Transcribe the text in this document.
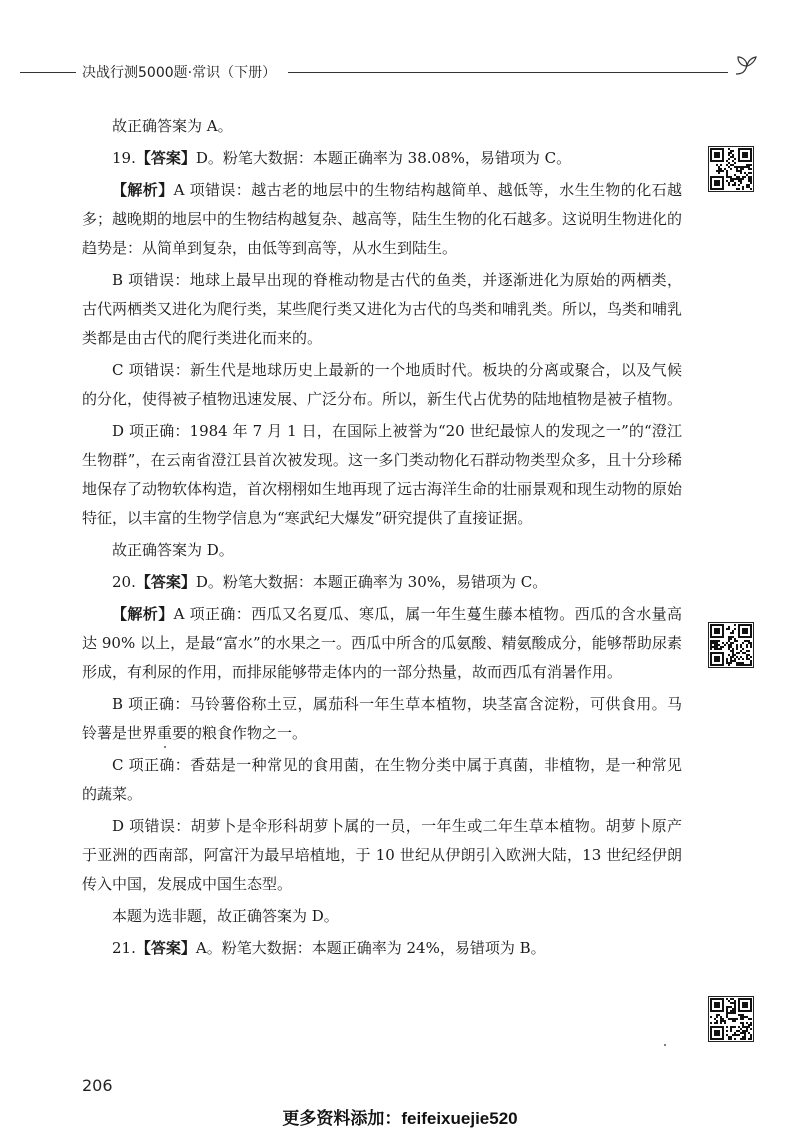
决战行测5000题·常识（下册）

故正确答案为 A。

19.【答案】D。粉笔大数据：本题正确率为 38.08%，易错项为 C。

【解析】A 项错误：越古老的地层中的生物结构越简单、越低等，水生生物的化石越多；越晚期的地层中的生物结构越复杂、越高等，陆生生物的化石越多。这说明生物进化的趋势是：从简单到复杂，由低等到高等，从水生到陆生。

B 项错误：地球上最早出现的脊椎动物是古代的鱼类，并逐渐进化为原始的两栖类，古代两栖类又进化为爬行类，某些爬行类又进化为古代的鸟类和哺乳类。所以，鸟类和哺乳类都是由古代的爬行类进化而来的。

C 项错误：新生代是地球历史上最新的一个地质时代。板块的分离或聚合，以及气候的分化，使得被子植物迅速发展、广泛分布。所以，新生代占优势的陆地植物是被子植物。

D 项正确：1984 年 7 月 1 日，在国际上被誉为“20 世纪最惊人的发现之一”的“澄江生物群”，在云南省澄江县首次被发现。这一多门类动物化石群动物类型众多，且十分珍稀地保存了动物软体构造，首次栩栩如生地再现了远古海洋生命的壮丽景观和现生动物的原始特征，以丰富的生物学信息为“寒武纪大爆发”研究提供了直接证据。

故正确答案为 D。

20.【答案】D。粉笔大数据：本题正确率为 30%，易错项为 C。

【解析】A 项正确：西瓜又名夏瓜、寒瓜，属一年生蔓生藤本植物。西瓜的含水量高达 90% 以上，是最“富水”的水果之一。西瓜中所含的瓜氨酸、精氨酸成分，能够帮助尿素形成，有利尿的作用，而排尿能够带走体内的一部分热量，故而西瓜有消暑作用。

B 项正确：马铃薯俗称土豆，属茄科一年生草本植物，块茎富含淀粉，可供食用。马铃薯是世界重要的粮食作物之一。

C 项正确：香菇是一种常见的食用菌，在生物分类中属于真菌，非植物，是一种常见的蔬菜。

D 项错误：胡萝卜是伞形科胡萝卜属的一员，一年生或二年生草本植物。胡萝卜原产于亚洲的西南部，阿富汗为最早培植地，于 10 世纪从伊朗引入欧洲大陆，13 世纪经伊朗传入中国，发展成中国生态型。

本题为选非题，故正确答案为 D。

21.【答案】A。粉笔大数据：本题正确率为 24%，易错项为 B。

206
更多资料添加：feifeixuejie520
